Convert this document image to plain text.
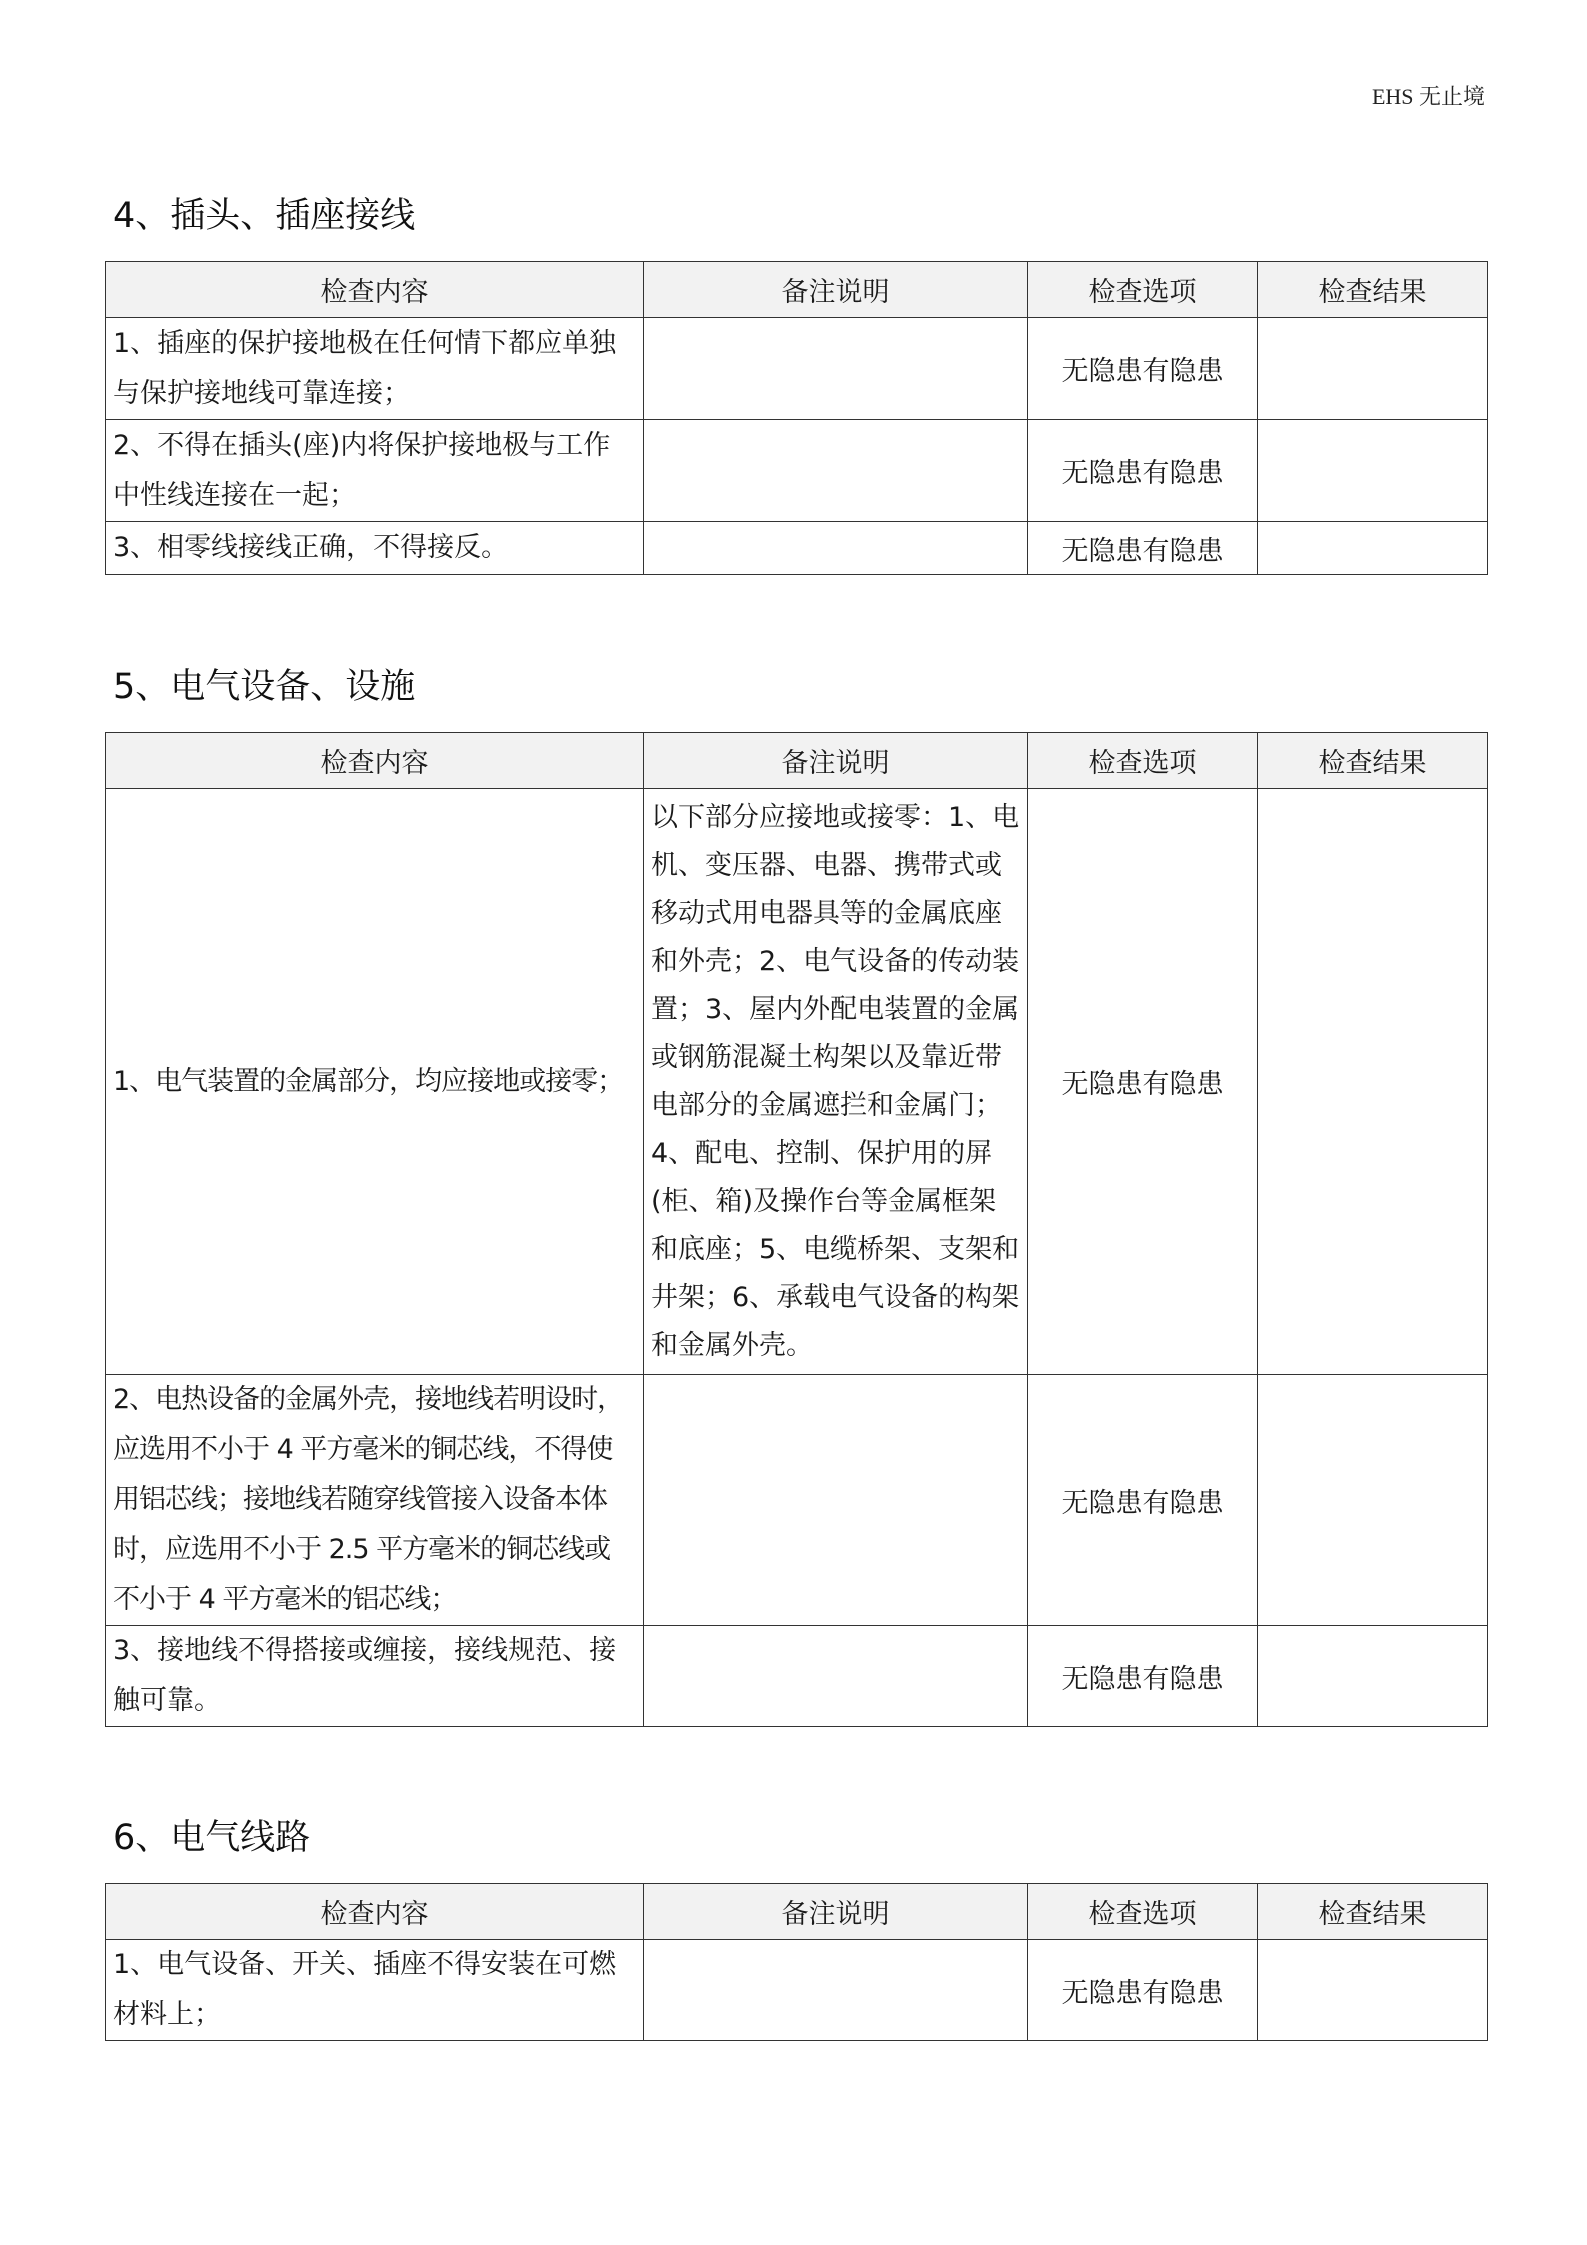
EHS 无止境
4、插头、插座接线
检查内容	备注说明	检查选项	检查结果
1、插座的保护接地极在任何情下都应单独与保护接地线可靠连接；		无隐患有隐患	
2、不得在插头(座)内将保护接地极与工作中性线连接在一起；		无隐患有隐患	
3、相零线接线正确，不得接反。		无隐患有隐患	
5、电气设备、设施
检查内容	备注说明	检查选项	检查结果
1、电气装置的金属部分，均应接地或接零；	以下部分应接地或接零：1、电机、变压器、电器、携带式或移动式用电器具等的金属底座和外壳；2、电气设备的传动装置；3、屋内外配电装置的金属或钢筋混凝土构架以及靠近带电部分的金属遮拦和金属门；4、配电、控制、保护用的屏(柜、箱)及操作台等金属框架和底座；5、电缆桥架、支架和井架；6、承载电气设备的构架和金属外壳。	无隐患有隐患	
2、电热设备的金属外壳，接地线若明设时，应选用不小于 4 平方毫米的铜芯线，不得使用铝芯线；接地线若随穿线管接入设备本体时，应选用不小于 2.5 平方毫米的铜芯线或不小于 4 平方毫米的铝芯线；		无隐患有隐患	
3、接地线不得搭接或缠接，接线规范、接触可靠。		无隐患有隐患	
6、电气线路
检查内容	备注说明	检查选项	检查结果
1、电气设备、开关、插座不得安装在可燃材料上；		无隐患有隐患	
